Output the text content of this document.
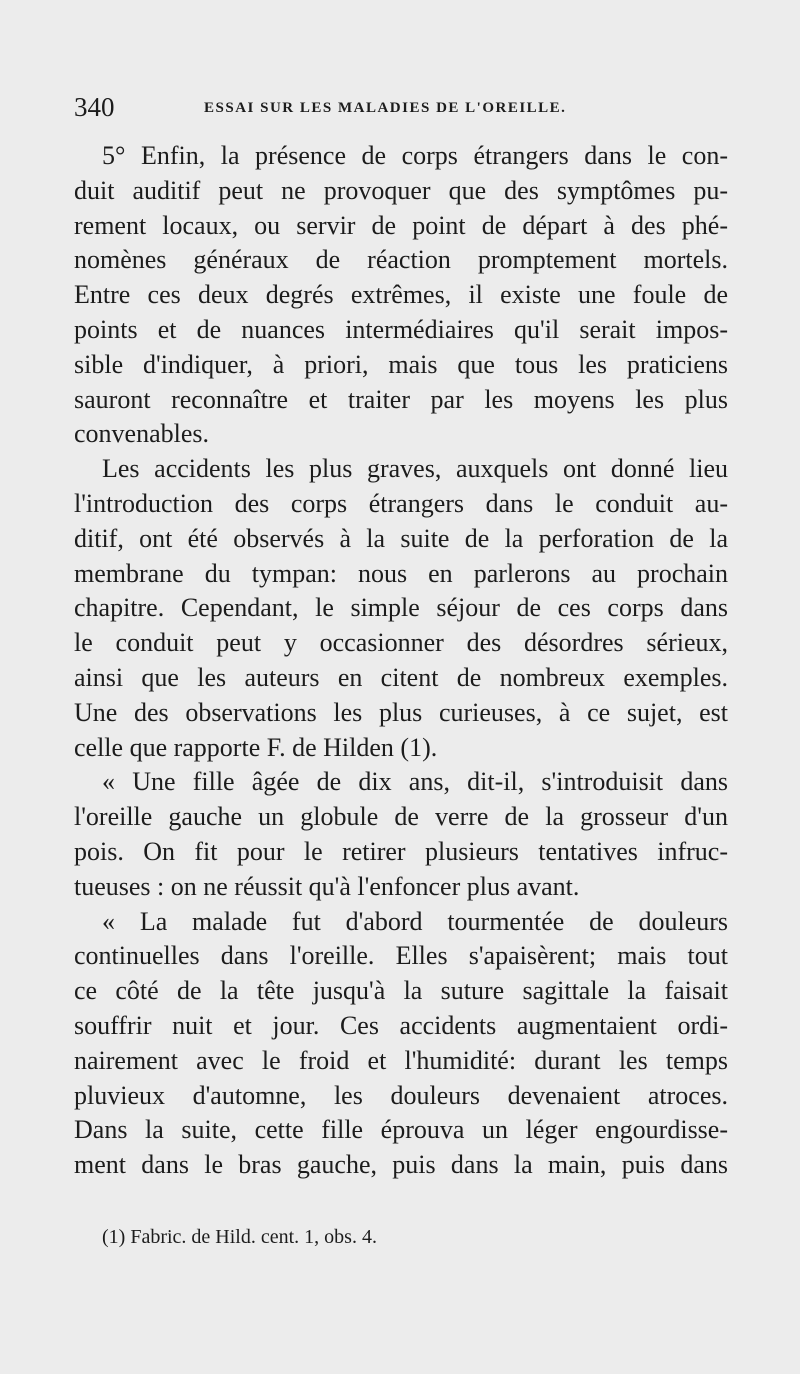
340	ESSAI SUR LES MALADIES DE L'OREILLE.
5° Enfin, la présence de corps étrangers dans le con-
duit auditif peut ne provoquer que des symptômes pu-
rement locaux, ou servir de point de départ à des phé-
nomènes généraux de réaction promptement mortels.
Entre ces deux degrés extrêmes, il existe une foule de
points et de nuances intermédiaires qu'il serait impos-
sible d'indiquer, à priori, mais que tous les praticiens
sauront reconnaître et traiter par les moyens les plus
convenables.
Les accidents les plus graves, auxquels ont donné lieu
l'introduction des corps étrangers dans le conduit au-
ditif, ont été observés à la suite de la perforation de la
membrane du tympan: nous en parlerons au prochain
chapitre. Cependant, le simple séjour de ces corps dans
le conduit peut y occasionner des désordres sérieux,
ainsi que les auteurs en citent de nombreux exemples.
Une des observations les plus curieuses, à ce sujet, est
celle que rapporte F. de Hilden (1).
« Une fille âgée de dix ans, dit-il, s'introduisit dans
l'oreille gauche un globule de verre de la grosseur d'un
pois. On fit pour le retirer plusieurs tentatives infruc-
tueuses : on ne réussit qu'à l'enfoncer plus avant.
« La malade fut d'abord tourmentée de douleurs
continuelles dans l'oreille. Elles s'apaisèrent; mais tout
ce côté de la tête jusqu'à la suture sagittale la faisait
souffrir nuit et jour. Ces accidents augmentaient ordi-
nairement avec le froid et l'humidité: durant les temps
pluvieux d'automne, les douleurs devenaient atroces.
Dans la suite, cette fille éprouva un léger engourdisse-
ment dans le bras gauche, puis dans la main, puis dans
(1) Fabric. de Hild. cent. 1, obs. 4.
